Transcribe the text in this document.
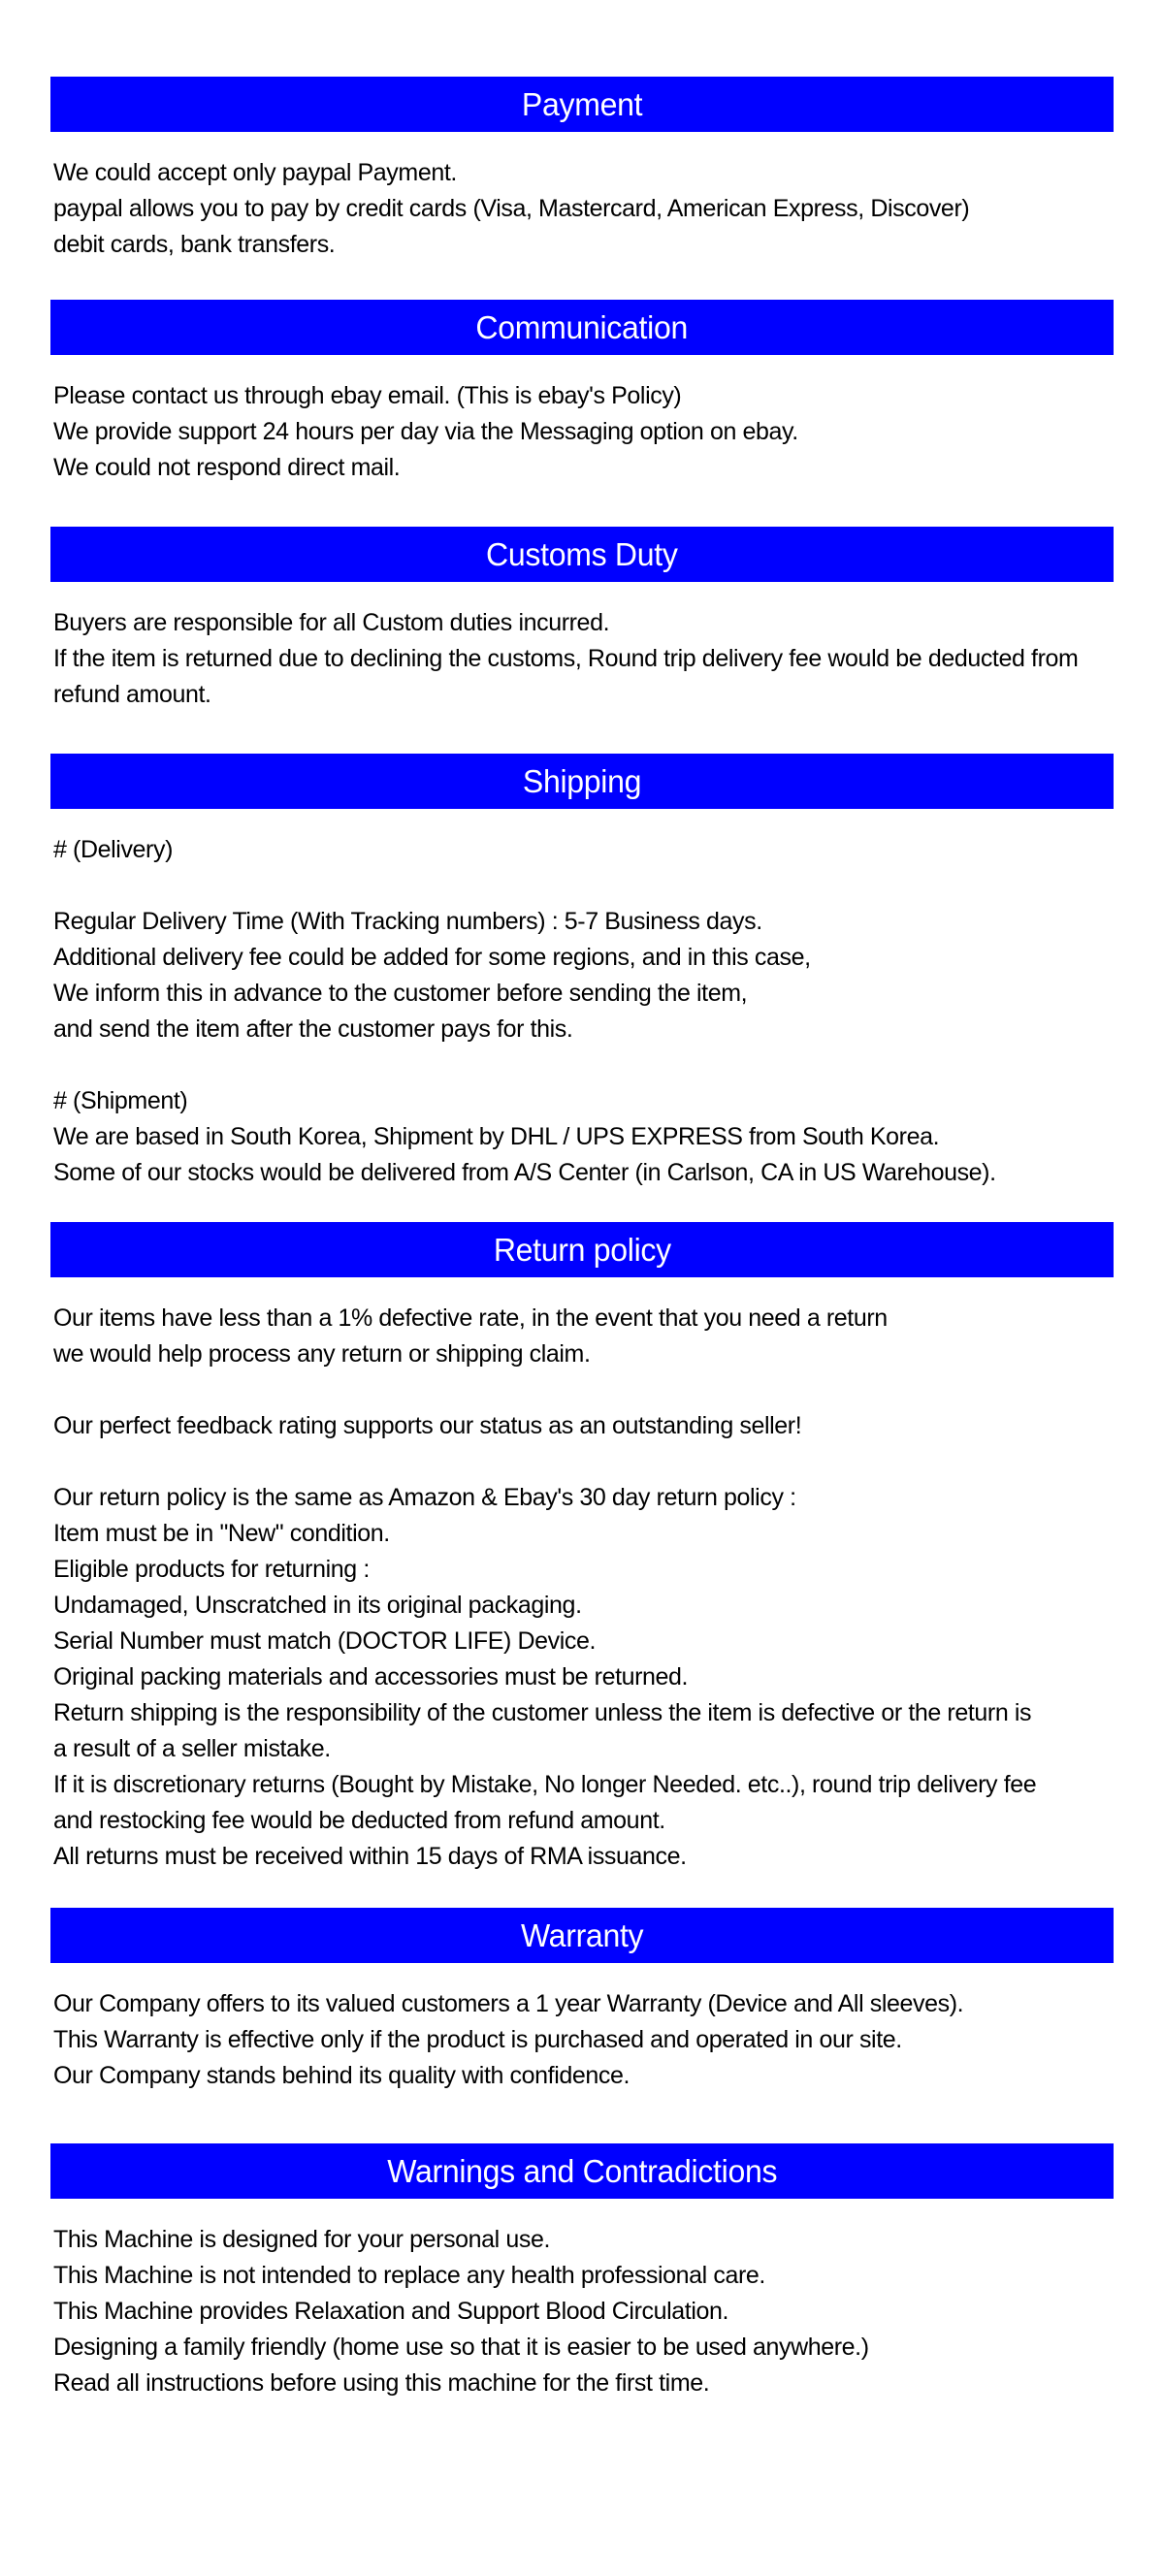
Payment
We could accept only paypal Payment.
paypal allows you to pay by credit cards (Visa, Mastercard, American Express, Discover)
debit cards, bank transfers.
Communication
Please contact us through ebay email. (This is ebay's Policy)
We provide support 24 hours per day via the Messaging option on ebay.
We could not respond direct mail.
Customs Duty
Buyers are responsible for all Custom duties incurred.
If the item is returned due to declining the customs, Round trip delivery fee would be deducted from
refund amount.
Shipping
# (Delivery)
Regular Delivery Time (With Tracking numbers) : 5-7 Business days.
Additional delivery fee could be added for some regions, and in this case,
We inform this in advance to the customer before sending the item,
and send the item after the customer pays for this.
# (Shipment)
We are based in South Korea, Shipment by DHL / UPS EXPRESS from South Korea.
Some of our stocks would be delivered from A/S Center (in Carlson, CA in US Warehouse).
Return policy
Our items have less than a 1% defective rate, in the event that you need a return
we would help process any return or shipping claim.
Our perfect feedback rating supports our status as an outstanding seller!
Our return policy is the same as Amazon & Ebay's 30 day return policy :
Item must be in "New" condition.
Eligible products for returning :
Undamaged, Unscratched in its original packaging.
Serial Number must match (DOCTOR LIFE) Device.
Original packing materials and accessories must be returned.
Return shipping is the responsibility of the customer unless the item is defective or the return is
a result of a seller mistake.
If it is discretionary returns (Bought by Mistake, No longer Needed. etc..), round trip delivery fee
and restocking fee would be deducted from refund amount.
All returns must be received within 15 days of RMA issuance.
Warranty
Our Company offers to its valued customers a 1 year Warranty (Device and All sleeves).
This Warranty is effective only if the product is purchased and operated in our site.
Our Company stands behind its quality with confidence.
Warnings and Contradictions
This Machine is designed for your personal use.
This Machine is not intended to replace any health professional care.
This Machine provides Relaxation and Support Blood Circulation.
Designing a family friendly (home use so that it is easier to be used anywhere.)
Read all instructions before using this machine for the first time.
